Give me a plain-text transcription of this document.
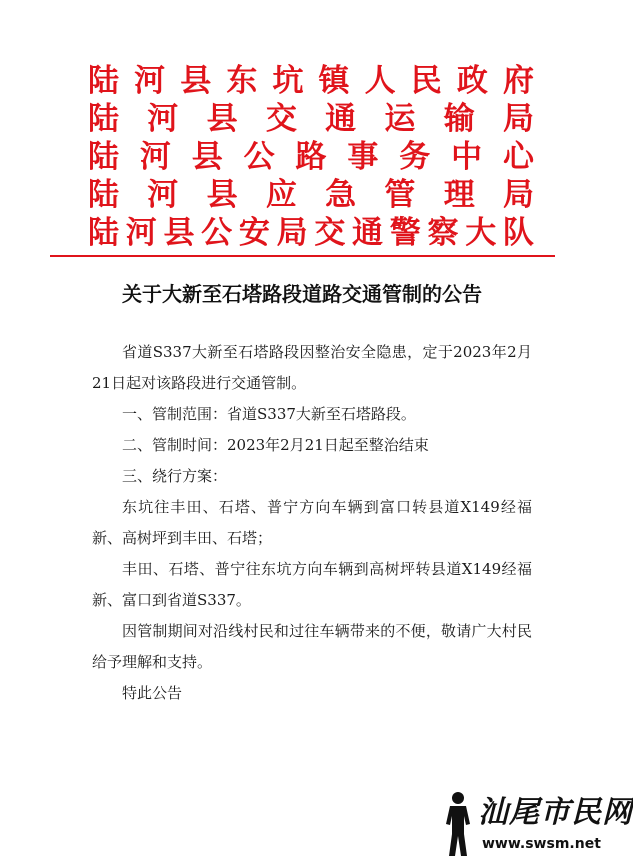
陆 河 县 东 坑 镇 人 民 政 府
陆 河 县 交 通 运 输 局
陆 河 县 公 路 事 务 中 心
陆 河 县 应 急 管 理 局
陆 河 县 公 安 局 交 通 警 察 大 队
关于大新至石塔路段道路交通管制的公告

省道S337大新至石塔路段因整治安全隐患，定于2023年2月21日起对该路段进行交通管制。

一、管制范围：省道S337大新至石塔路段。

二、管制时间：2023年2月21日起至整治结束

三、绕行方案：

东坑往丰田、石塔、普宁方向车辆到富口转县道X149经福新、高树坪到丰田、石塔；

丰田、石塔、普宁往东坑方向车辆到高树坪转县道X149经福新、富口到省道S337。

因管制期间对沿线村民和过往车辆带来的不便，敬请广大村民给予理解和支持。

特此公告

汕尾市民网
www.swsm.net
